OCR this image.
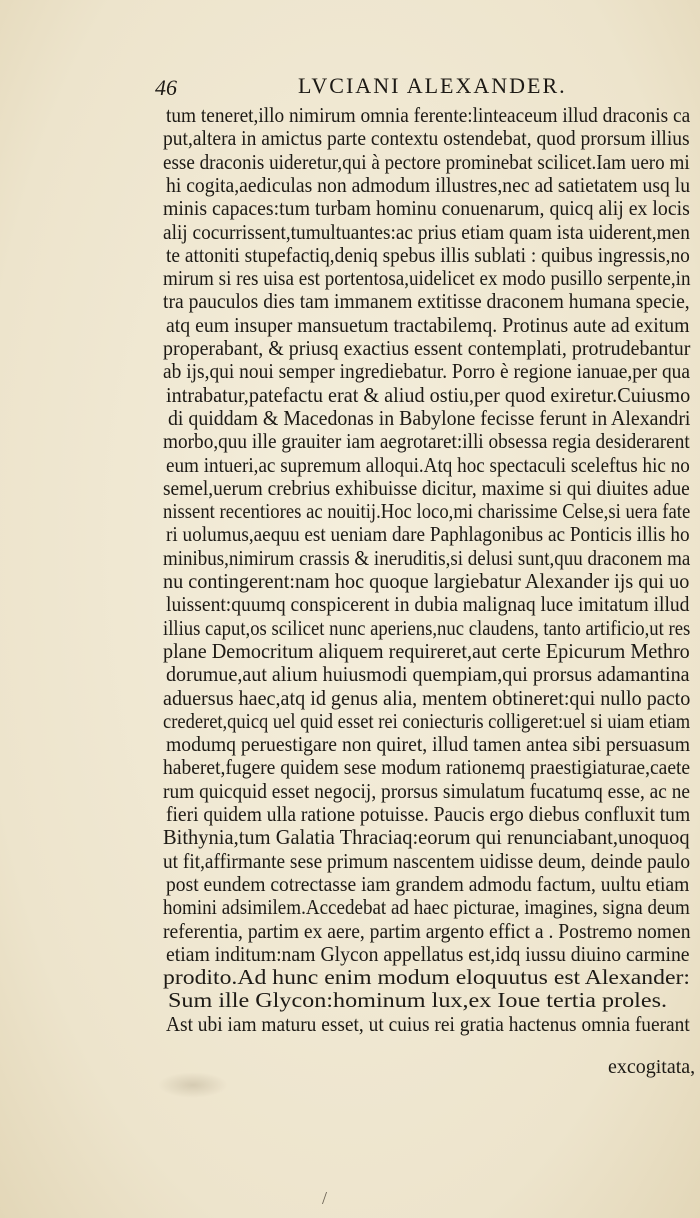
46	LVCIANI ALEXANDER.
tum teneret,illo nimirum omnia ferente:linteaceum illud draconis ca
put,altera in amictus parte contextu ostendebat, quod prorsum illius
esse draconis uideretur,qui à pectore prominebat scilicet.Iam uero mi
hi cogita,aediculas non admodum illustres,nec ad satietatem usq lu
minis capaces:tum turbam hominu conuenarum, quicq alij ex locis
alij cocurrissent,tumultuantes:ac prius etiam quam ista uiderent,men
te attoniti stupefactiq,deniq spebus illis sublati : quibus ingressis,no
mirum si res uisa est portentosa,uidelicet ex modo pusillo serpente,in
tra pauculos dies tam immanem extitisse draconem humana specie,
atq eum insuper mansuetum tractabilemq. Protinus aute ad exitum
properabant, & priusq exactius essent contemplati, protrudebantur
ab ijs,qui noui semper ingrediebatur. Porro è regione ianuae,per qua
intrabatur,patefactu erat & aliud ostiu,per quod exiretur.Cuiusmo
di quiddam & Macedonas in Babylone fecisse ferunt in Alexandri
morbo,quu ille grauiter iam aegrotaret:illi obsessa regia desiderarent
eum intueri,ac supremum alloqui.Atq hoc spectaculi sceleftus hic no
semel,uerum crebrius exhibuisse dicitur, maxime si qui diuites adue
nissent recentiores ac nouitij.Hoc loco,mi charissime Celse,si uera fate
ri uolumus,aequu est ueniam dare Paphlagonibus ac Ponticis illis ho
minibus,nimirum crassis & ineruditis,si delusi sunt,quu draconem ma
nu contingerent:nam hoc quoque largiebatur Alexander ijs qui uo
luissent:quumq conspicerent in dubia malignaq luce imitatum illud
illius caput,os scilicet nunc aperiens,nuc claudens, tanto artificio,ut res
plane Democritum aliquem requireret,aut certe Epicurum Methro
dorumue,aut alium huiusmodi quempiam,qui prorsus adamantina
aduersus haec,atq id genus alia, mentem obtineret:qui nullo pacto
crederet,quicq uel quid esset rei coniecturis colligeret:uel si uiam etiam
modumq peruestigare non quiret, illud tamen antea sibi persuasum
haberet,fugere quidem sese modum rationemq praestigiaturae,caete
rum quicquid esset negocij, prorsus simulatum fucatumq esse, ac ne
fieri quidem ulla ratione potuisse. Paucis ergo diebus confluxit tum
Bithynia,tum Galatia Thraciaq:eorum qui renunciabant,unoquoq
ut fit,affirmante sese primum nascentem uidisse deum, deinde paulo
post eundem cotrectasse iam grandem admodu factum, uultu etiam
homini adsimilem.Accedebat ad haec picturae, imagines, signa deum
referentia, partim ex aere, partim argento effict a . Postremo nomen
etiam inditum:nam Glycon appellatus est,idq iussu diuino carmine
prodito.Ad hunc enim modum eloquutus est Alexander:
Sum ille Glycon:hominum lux,ex Ioue tertia proles.
Ast ubi iam maturu esset, ut cuius rei gratia hactenus omnia fuerant
excogitata,
/
